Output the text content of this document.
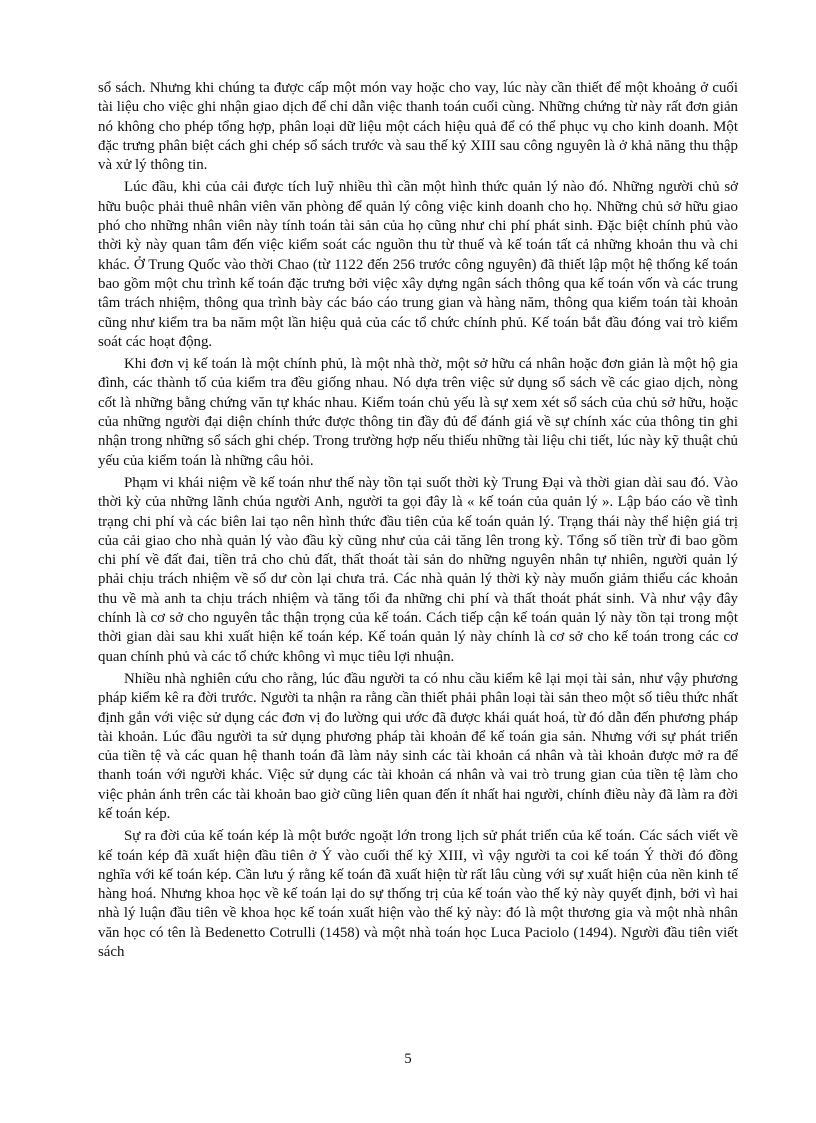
sổ sách. Nhưng khi chúng ta được cấp một món vay hoặc cho vay, lúc này cần thiết để một khoảng ở cuối tài liệu cho việc ghi nhận giao dịch để chỉ dẫn việc thanh toán cuối cùng. Những chứng từ này rất đơn giản nó không cho phép tổng hợp, phân loại dữ liệu một cách hiệu quả để có thể phục vụ cho kinh doanh. Một đặc trưng phân biệt cách ghi chép sổ sách trước và sau thế kỷ XIII sau công nguyên là ở khả năng thu thập và xử lý thông tin.

Lúc đầu, khi của cải được tích luỹ nhiều thì cần một hình thức quản lý nào đó. Những người chủ sở hữu buộc phải thuê nhân viên văn phòng để quản lý công việc kinh doanh cho họ. Những chủ sở hữu giao phó cho những nhân viên này tính toán tài sản của họ cũng như chi phí phát sinh. Đặc biệt chính phủ vào thời kỳ này quan tâm đến việc kiểm soát các nguồn thu từ thuế và kế toán tất cả những khoản thu và chi khác. Ở Trung Quốc vào thời Chao (từ 1122 đến 256 trước công nguyên) đã thiết lập một hệ thống kế toán bao gồm một chu trình kế toán đặc trưng bởi việc xây dựng ngân sách thông qua kế toán vốn và các trung tâm trách nhiệm, thông qua trình bày các báo cáo trung gian và hàng năm, thông qua kiểm toán tài khoản cũng như kiểm tra ba năm một lần hiệu quả của các tổ chức chính phủ. Kế toán bắt đầu đóng vai trò kiểm soát các hoạt động.

Khi đơn vị kế toán là một chính phủ, là một nhà thờ, một sở hữu cá nhân hoặc đơn giản là một hộ gia đình, các thành tố của kiểm tra đều giống nhau. Nó dựa trên việc sử dụng sổ sách về các giao dịch, nòng cốt là những bằng chứng văn tự khác nhau. Kiểm toán chủ yếu là sự xem xét sổ sách của chủ sở hữu, hoặc của những người đại diện chính thức được thông tin đầy đủ để đánh giá về sự chính xác của thông tin ghi nhận trong những sổ sách ghi chép. Trong trường hợp nếu thiếu những tài liệu chi tiết, lúc này kỹ thuật chủ yếu của kiểm toán là những câu hỏi.

Phạm vi khái niệm về kế toán như thế này tồn tại suốt thời kỳ Trung Đại và thời gian dài sau đó. Vào thời kỳ của những lãnh chúa người Anh, người ta gọi đây là « kế toán của quản lý ». Lập báo cáo về tình trạng chi phí và các biên lai tạo nên hình thức đầu tiên của kế toán quản lý. Trạng thái này thể hiện giá trị của cải giao cho nhà quản lý vào đầu kỳ cũng như của cải tăng lên trong kỳ. Tổng số tiền trừ đi bao gồm chi phí về đất đai, tiền trả cho chủ đất, thất thoát tài sản do những nguyên nhân tự nhiên, người quản lý phải chịu trách nhiệm về số dư còn lại chưa trả. Các nhà quản lý thời kỳ này muốn giảm thiểu các khoản thu về mà anh ta chịu trách nhiệm và tăng tối đa những chi phí và thất thoát phát sinh. Và như vậy đây chính là cơ sở cho nguyên tắc thận trọng của kế toán. Cách tiếp cận kế toán quản lý này tồn tại trong một thời gian dài sau khi xuất hiện kế toán kép. Kế toán quản lý này chính là cơ sở cho kế toán trong các cơ quan chính phủ và các tổ chức không vì mục tiêu lợi nhuận.

Nhiều nhà nghiên cứu cho rằng, lúc đầu người ta có nhu cầu kiểm kê lại mọi tài sản, như vậy phương pháp kiểm kê ra đời trước. Người ta nhận ra rằng cần thiết phải phân loại tài sản theo một số tiêu thức nhất định gắn với việc sử dụng các đơn vị đo lường qui ước đã được khái quát hoá, từ đó dẫn đến phương pháp tài khoản. Lúc đầu người ta sử dụng phương pháp tài khoản để kế toán gia sản. Nhưng với sự phát triển của tiền tệ và các quan hệ thanh toán đã làm nảy sinh các tài khoản cá nhân và tài khoản được mở ra để thanh toán với người khác. Việc sử dụng các tài khoản cá nhân và vai trò trung gian của tiền tệ làm cho việc phản ánh trên các tài khoản bao giờ cũng liên quan đến ít nhất hai người, chính điều này đã làm ra đời kế toán kép.

Sự ra đời của kế toán kép là một bước ngoặt lớn trong lịch sử phát triển của kế toán. Các sách viết về kế toán kép đã xuất hiện đầu tiên ở Ý vào cuối thế kỷ XIII, vì vậy người ta coi kế toán Ý thời đó đồng nghĩa với kế toán kép. Cần lưu ý rằng kế toán đã xuất hiện từ rất lâu cùng với sự xuất hiện của nền kinh tế hàng hoá. Nhưng khoa học về kế toán lại do sự thống trị của kế toán vào thế kỷ này quyết định, bởi vì hai nhà lý luận đầu tiên về khoa học kế toán xuất hiện vào thế kỷ này: đó là một thương gia và một nhà nhân văn học có tên là Bedenetto Cotrulli (1458) và một nhà toán học Luca Paciolo (1494). Người đầu tiên viết sách

5
